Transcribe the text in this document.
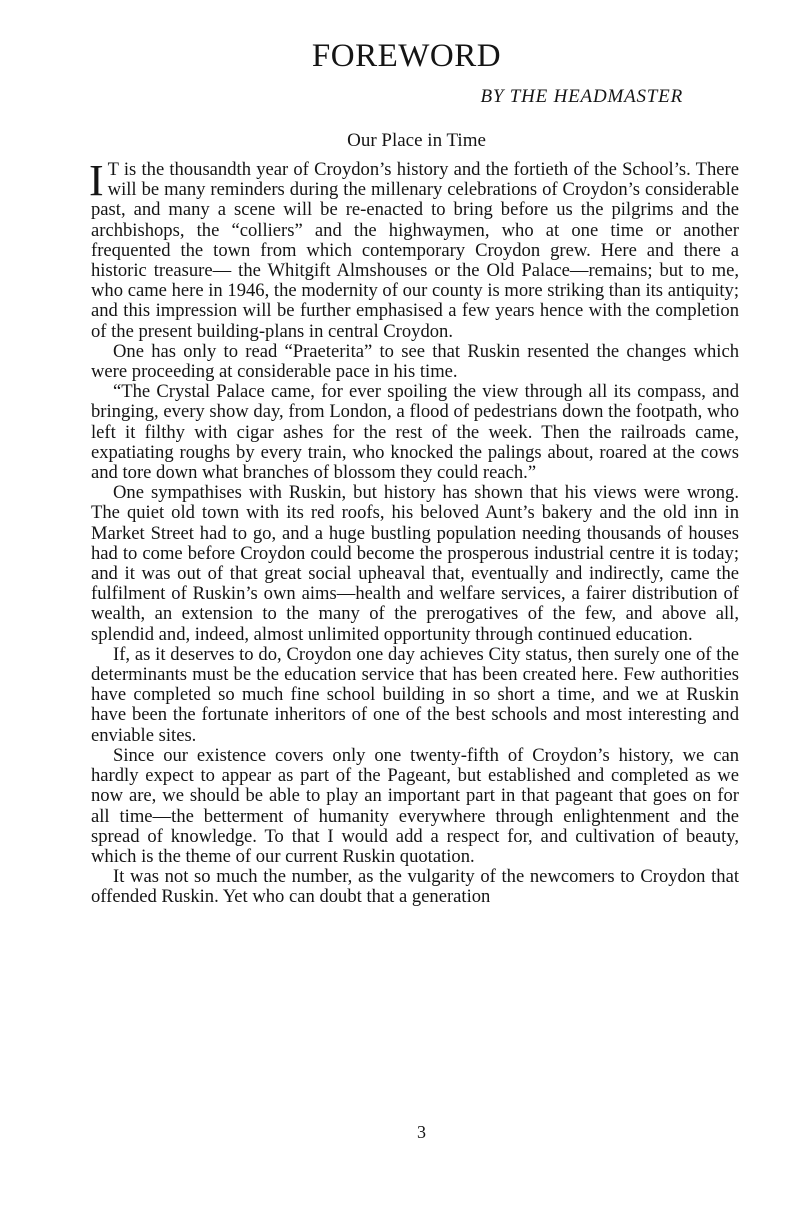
FOREWORD
BY THE HEADMASTER
Our Place in Time

I T is the thousandth year of Croydon’s history and the fortieth of the School’s. There will be many reminders during the millenary celebrations of Croydon’s considerable past, and many a scene will be re-enacted to bring before us the pilgrims and the archbishops, the “colliers” and the highwaymen, who at one time or another frequented the town from which contemporary Croydon grew. Here and there a historic treasure— the Whitgift Almshouses or the Old Palace—remains; but to me, who came here in 1946, the modernity of our county is more striking than its antiquity; and this impression will be further emphasised a few years hence with the completion of the present building-plans in central Croydon.

One has only to read “Praeterita” to see that Ruskin resented the changes which were proceeding at considerable pace in his time.

“The Crystal Palace came, for ever spoiling the view through all its compass, and bringing, every show day, from London, a flood of pedestrians down the footpath, who left it filthy with cigar ashes for the rest of the week. Then the railroads came, expatiating roughs by every train, who knocked the palings about, roared at the cows and tore down what branches of blossom they could reach.”

One sympathises with Ruskin, but history has shown that his views were wrong. The quiet old town with its red roofs, his beloved Aunt’s bakery and the old inn in Market Street had to go, and a huge bustling population needing thousands of houses had to come before Croydon could become the prosperous industrial centre it is today; and it was out of that great social upheaval that, eventually and indirectly, came the fulfilment of Ruskin’s own aims—health and welfare services, a fairer distribution of wealth, an extension to the many of the prerogatives of the few, and above all, splendid and, indeed, almost unlimited opportunity through continued education.

If, as it deserves to do, Croydon one day achieves City status, then surely one of the determinants must be the education service that has been created here. Few authorities have completed so much fine school building in so short a time, and we at Ruskin have been the fortunate inheritors of one of the best schools and most interesting and enviable sites.

Since our existence covers only one twenty-fifth of Croydon’s history, we can hardly expect to appear as part of the Pageant, but established and completed as we now are, we should be able to play an important part in that pageant that goes on for all time—the betterment of humanity everywhere through enlightenment and the spread of knowledge. To that I would add a respect for, and cultivation of beauty, which is the theme of our current Ruskin quotation.

It was not so much the number, as the vulgarity of the newcomers to Croydon that offended Ruskin. Yet who can doubt that a generation

3
